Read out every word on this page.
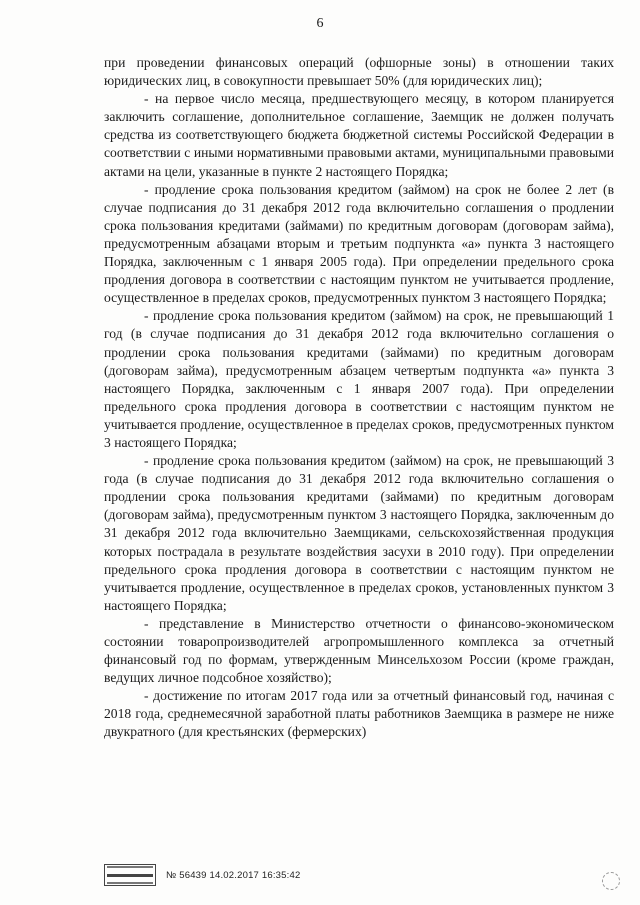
6

при проведении финансовых операций (офшорные зоны) в отношении таких юридических лиц, в совокупности превышает 50% (для юридических лиц);

- на первое число месяца, предшествующего месяцу, в котором планируется заключить соглашение, дополнительное соглашение, Заемщик не должен получать средства из соответствующего бюджета бюджетной системы Российской Федерации в соответствии с иными нормативными правовыми актами, муниципальными правовыми актами на цели, указанные в пункте 2 настоящего Порядка;

- продление срока пользования кредитом (займом) на срок не более 2 лет (в случае подписания до 31 декабря 2012 года включительно соглашения о продлении срока пользования кредитами (займами) по кредитным договорам (договорам займа), предусмотренным абзацами вторым и третьим подпункта «а» пункта 3 настоящего Порядка, заключенным с 1 января 2005 года). При определении предельного срока продления договора в соответствии с настоящим пунктом не учитывается продление, осуществленное в пределах сроков, предусмотренных пунктом 3 настоящего Порядка;

- продление срока пользования кредитом (займом) на срок, не превышающий 1 год (в случае подписания до 31 декабря 2012 года включительно соглашения о продлении срока пользования кредитами (займами) по кредитным договорам (договорам займа), предусмотренным абзацем четвертым подпункта «а» пункта 3 настоящего Порядка, заключенным с 1 января 2007 года). При определении предельного срока продления договора в соответствии с настоящим пунктом не учитывается продление, осуществленное в пределах сроков, предусмотренных пунктом 3 настоящего Порядка;

- продление срока пользования кредитом (займом) на срок, не превышающий 3 года (в случае подписания до 31 декабря 2012 года включительно соглашения о продлении срока пользования кредитами (займами) по кредитным договорам (договорам займа), предусмотренным пунктом 3 настоящего Порядка, заключенным до 31 декабря 2012 года включительно Заемщиками, сельскохозяйственная продукция которых пострадала в результате воздействия засухи в 2010 году). При определении предельного срока продления договора в соответствии с настоящим пунктом не учитывается продление, осуществленное в пределах сроков, установленных пунктом 3 настоящего Порядка;

- представление в Министерство отчетности о финансово-экономическом состоянии товаропроизводителей агропромышленного комплекса за отчетный финансовый год по формам, утвержденным Минсельхозом России (кроме граждан, ведущих личное подсобное хозяйство);

- достижение по итогам 2017 года или за отчетный финансовый год, начиная с 2018 года, среднемесячной заработной платы работников Заемщика в размере не ниже двукратного (для крестьянских (фермерских)

№ 56439 14.02.2017 16:35:42
